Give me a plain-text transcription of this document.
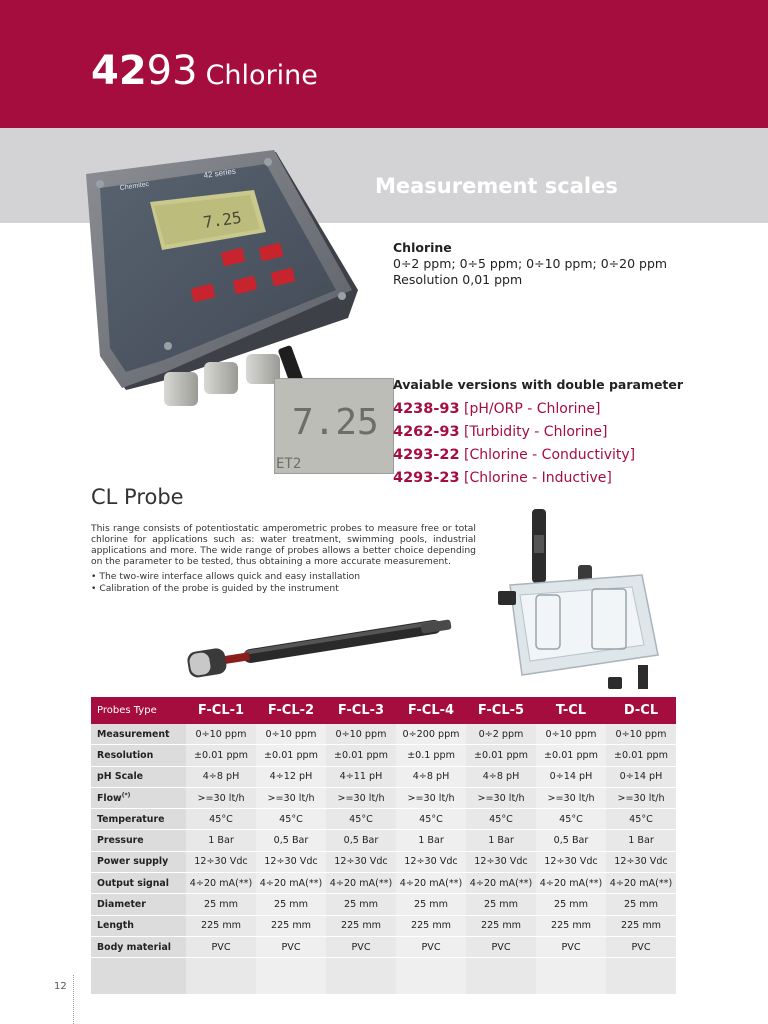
4293 Chlorine
Measurement scales
7.25
Chemitec
42 series
7.25
ET2
Chlorine
0÷2 ppm; 0÷5 ppm; 0÷10 ppm; 0÷20 ppm
Resolution 0,01 ppm
Avaiable versions with double parameter
4238-93 [pH/ORP - Chlorine]
4262-93 [Turbidity - Chlorine]
4293-22 [Chlorine - Conductivity]
4293-23 [Chlorine - Inductive]
CL Probe
This range consists of potentiostatic amperometric probes to measure free or total chlorine for applications such as: water treatment, swimming pools, industrial applications and more. The wide range of probes allows a better choice depending on the parameter to be tested, thus obtaining a more accurate measurement.
• The two-wire interface allows quick and easy installation
• Calibration of the probe is guided by the instrument
Probes Type	F-CL-1	F-CL-2	F-CL-3	F-CL-4	F-CL-5	T-CL	D-CL
Measurement	0÷10 ppm	0÷10 ppm	0÷10 ppm	0÷200 ppm	0÷2 ppm	0÷10 ppm	0÷10 ppm
Resolution	±0.01 ppm	±0.01 ppm	±0.01 ppm	±0.1 ppm	±0.01 ppm	±0.01 ppm	±0.01 ppm
pH Scale	4÷8 pH	4÷12 pH	4÷11 pH	4÷8 pH	4÷8 pH	0÷14 pH	0÷14 pH
Flow(*)	>=30 lt/h	>=30 lt/h	>=30 lt/h	>=30 lt/h	>=30 lt/h	>=30 lt/h	>=30 lt/h
Temperature	45°C	45°C	45°C	45°C	45°C	45°C	45°C
Pressure	1 Bar	0,5 Bar	0,5 Bar	1 Bar	1 Bar	0,5 Bar	1 Bar
Power supply	12÷30 Vdc	12÷30 Vdc	12÷30 Vdc	12÷30 Vdc	12÷30 Vdc	12÷30 Vdc	12÷30 Vdc
Output signal	4÷20 mA(**)	4÷20 mA(**)	4÷20 mA(**)	4÷20 mA(**)	4÷20 mA(**)	4÷20 mA(**)	4÷20 mA(**)
Diameter	25 mm	25 mm	25 mm	25 mm	25 mm	25 mm	25 mm
Length	225 mm	225 mm	225 mm	225 mm	225 mm	225 mm	225 mm
Body material	PVC	PVC	PVC	PVC	PVC	PVC	PVC

12
